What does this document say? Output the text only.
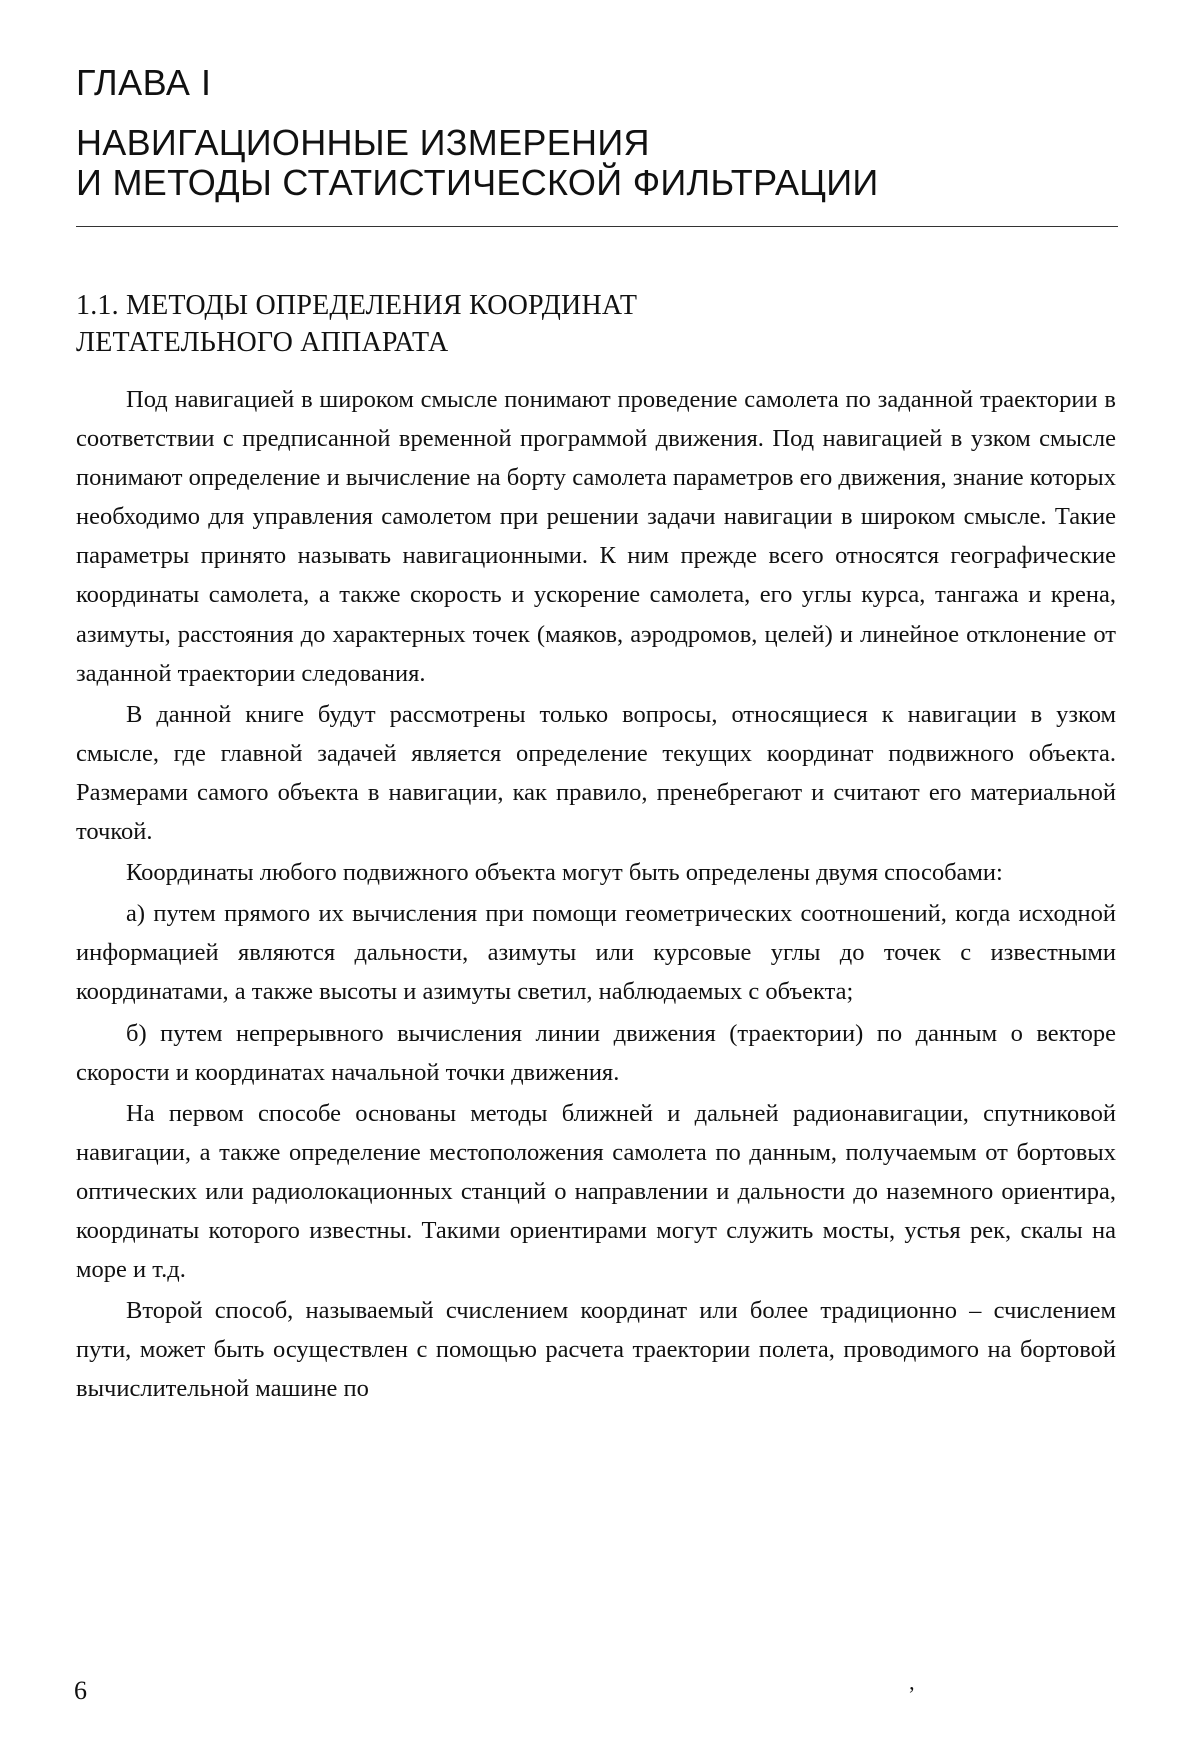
ГЛАВА I
НАВИГАЦИОННЫЕ ИЗМЕРЕНИЯ
И МЕТОДЫ СТАТИСТИЧЕСКОЙ ФИЛЬТРАЦИИ
1.1. МЕТОДЫ ОПРЕДЕЛЕНИЯ КООРДИНАТ
ЛЕТАТЕЛЬНОГО АППАРАТА

Под навигацией в широком смысле понимают проведение самолета по заданной траектории в соответствии с предписанной временной программой движения. Под навигацией в узком смысле понимают определение и вычисление на борту самолета параметров его движения, знание которых необходимо для управления самолетом при решении задачи навигации в широком смысле. Такие параметры принято называть навигационными. К ним прежде всего относятся географические координаты самолета, а также скорость и ускорение самолета, его углы курса, тангажа и крена, азимуты, расстояния до характерных точек (маяков, аэродромов, целей) и линейное отклонение от заданной траектории следования.

В данной книге будут рассмотрены только вопросы, относящиеся к навигации в узком смысле, где главной задачей является определение текущих координат подвижного объекта. Размерами самого объекта в навигации, как правило, пренебрегают и считают его материальной точкой.

Координаты любого подвижного объекта могут быть определены двумя способами:

а) путем прямого их вычисления при помощи геометрических соотношений, когда исходной информацией являются дальности, азимуты или курсовые углы до точек с известными координатами, а также высоты и азимуты светил, наблюдаемых с объекта;

б) путем непрерывного вычисления линии движения (траектории) по данным о векторе скорости и координатах начальной точки движения.

На первом способе основаны методы ближней и дальней радионавигации, спутниковой навигации, а также определение местоположения самолета по данным, получаемым от бортовых оптических или радиолокационных станций о направлении и дальности до наземного ориентира, координаты которого известны. Такими ориентирами могут служить мосты, устья рек, скалы на море и т.д.

Второй способ, называемый счислением координат или более традиционно – счислением пути, может быть осуществлен с помощью расчета траектории полета, проводимого на бортовой вычислительной машине по

6	ʼ
